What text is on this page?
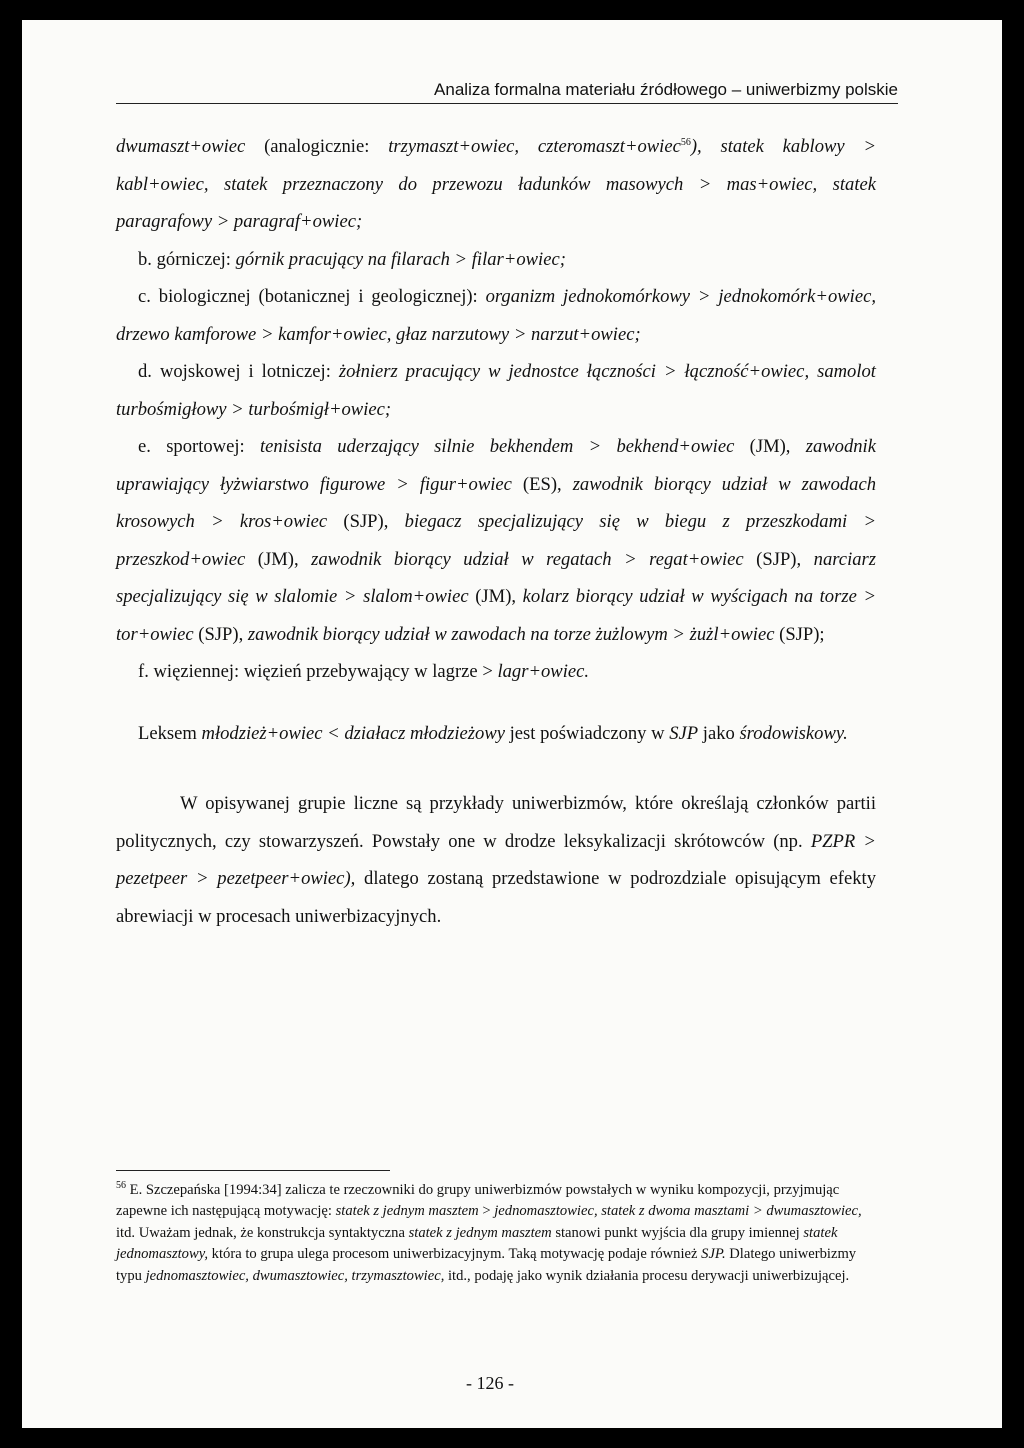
Analiza formalna materiału źródłowego – uniwerbizmy polskie

dwumaszt+owiec (analogicznie: trzymaszt+owiec, czteromaszt+owiec$^{56}$), statek kablowy > kabl+owiec, statek przeznaczony do przewozu ładunków masowych > mas+owiec, statek paragrafowy > paragraf+owiec;

b. górniczej: górnik pracujący na filarach > filar+owiec;

c. biologicznej (botanicznej i geologicznej): organizm jednokomórkowy > jednokomórk+owiec, drzewo kamforowe > kamfor+owiec, głaz narzutowy > narzut+owiec;

d. wojskowej i lotniczej: żołnierz pracujący w jednostce łączności > łączność+owiec, samolot turbośmigłowy > turbośmigł+owiec;

e. sportowej: tenisista uderzający silnie bekhendem > bekhend+owiec (JM), zawodnik uprawiający łyżwiarstwo figurowe > figur+owiec (ES), zawodnik biorący udział w zawodach krosowych > kros+owiec (SJP), biegacz specjalizujący się w biegu z przeszkodami > przeszkod+owiec (JM), zawodnik biorący udział w regatach > regat+owiec (SJP), narciarz specjalizujący się w slalomie > slalom+owiec (JM), kolarz biorący udział w wyścigach na torze > tor+owiec (SJP), zawodnik biorący udział w zawodach na torze żużlowym > żużl+owiec (SJP);

f. więziennej: więzień przebywający w lagrze > lagr+owiec.

Leksem młodzież+owiec < działacz młodzieżowy jest poświadczony w SJP jako środowiskowy.

W opisywanej grupie liczne są przykłady uniwerbizmów, które określają członków partii politycznych, czy stowarzyszeń. Powstały one w drodze leksykalizacji skrótowców (np. PZPR > pezetpeer > pezetpeer+owiec), dlatego zostaną przedstawione w podrozdziale opisującym efekty abrewiacji w procesach uniwerbizacyjnych.

$^{56}$ E. Szczepańska [1994:34] zalicza te rzeczowniki do grupy uniwerbizmów powstałych w wyniku kompozycji, przyjmując zapewne ich następującą motywację: statek z jednym masztem > jednomasztowiec, statek z dwoma masztami > dwumasztowiec, itd. Uważam jednak, że konstrukcja syntaktyczna statek z jednym masztem stanowi punkt wyjścia dla grupy imiennej statek jednomasztowy, która to grupa ulega procesom uniwerbizacyjnym. Taką motywację podaje również SJP. Dlatego uniwerbizmy typu jednomasztowiec, dwumasztowiec, trzymasztowiec, itd., podaję jako wynik działania procesu derywacji uniwerbizującej.

- 126 -
